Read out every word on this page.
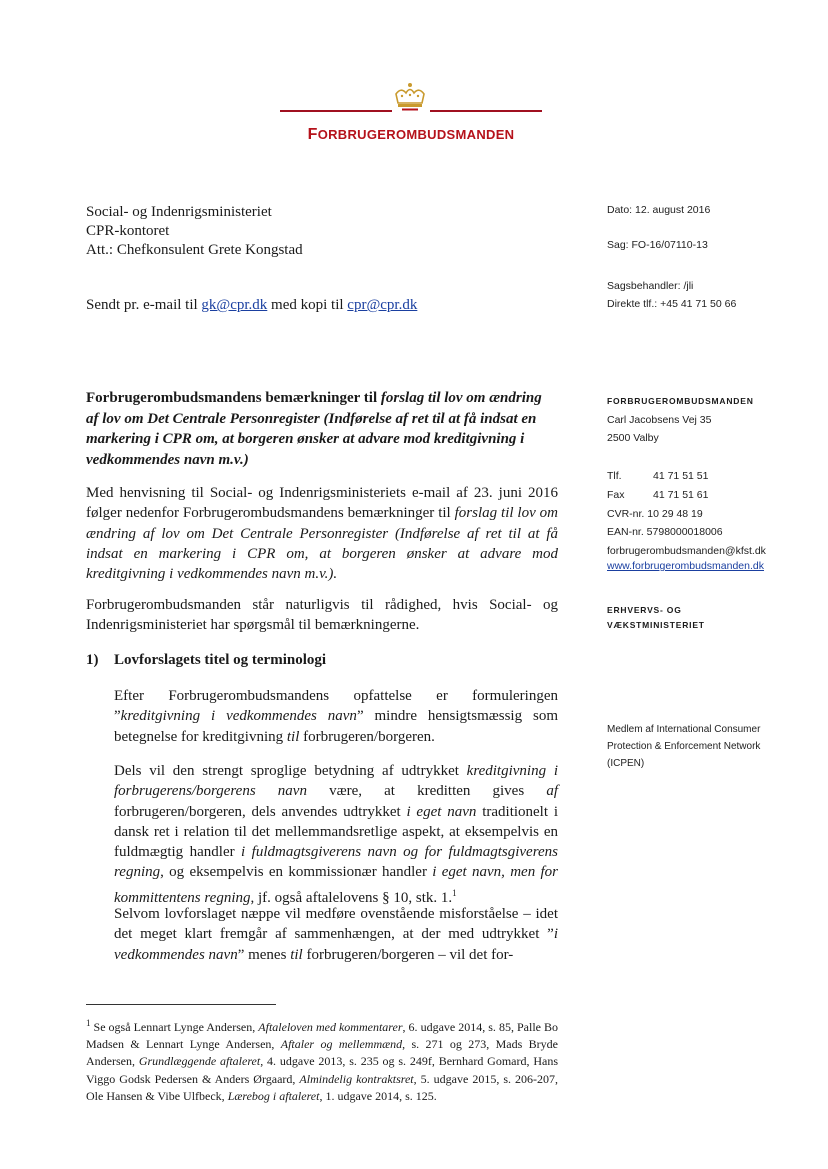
FORBRUGEROMBUDSMANDEN
Social- og Indenrigsministeriet
CPR-kontoret
Att.: Chefkonsulent Grete Kongstad
Sendt pr. e-mail til gk@cpr.dk med kopi til cpr@cpr.dk
Dato: 12. august 2016
Sag: FO-16/07110-13
Sagsbehandler: /jli
Direkte tlf.: +45 41 71 50 66
FORBRUGEROMBUDSMANDEN
Carl Jacobsens Vej 35
2500 Valby
Tlf.	41 71 51 51
Fax	41 71 51 61
CVR-nr. 10 29 48 19
EAN-nr. 5798000018006
forbrugerombudsmanden@kfst.dk
www.forbrugerombudsmanden.dk
ERHVERVS- OG
VÆKSTMINISTERIET
Medlem af International Consumer
Protection & Enforcement Network
(ICPEN)
Forbrugerombudsmandens bemærkninger til forslag til lov om ændring af lov om Det Centrale Personregister (Indførelse af ret til at få indsat en markering i CPR om, at borgeren ønsker at advare mod kreditgivning i vedkommendes navn m.v.)
Med henvisning til Social- og Indenrigsministeriets e-mail af 23. juni 2016 følger nedenfor Forbrugerombudsmandens bemærkninger til forslag til lov om ændring af lov om Det Centrale Personregister (Indførelse af ret til at få indsat en markering i CPR om, at borgeren ønsker at advare mod kreditgivning i vedkommendes navn m.v.).
Forbrugerombudsmanden står naturligvis til rådighed, hvis Social- og Indenrigsministeriet har spørgsmål til bemærkningerne.
1) Lovforslagets titel og terminologi
Efter Forbrugerombudsmandens opfattelse er formuleringen ”kreditgivning i vedkommendes navn” mindre hensigtsmæssig som betegnelse for kreditgivning til forbrugeren/borgeren.
Dels vil den strengt sproglige betydning af udtrykket kreditgivning i forbrugerens/borgerens navn være, at kreditten gives af forbrugeren/borgeren, dels anvendes udtrykket i eget navn traditionelt i dansk ret i relation til det mellemmandsretlige aspekt, at eksempelvis en fuldmægtig handler i fuldmagtsgiverens navn og for fuldmagtsgiverens regning, og eksempelvis en kommissionær handler i eget navn, men for kommittentens regning, jf. også aftalelovens § 10, stk. 1.$^1$
Selvom lovforslaget næppe vil medføre ovenstående misforståelse – idet det meget klart fremgår af sammenhængen, at der med udtrykket ”i vedkommendes navn” menes til forbrugeren/borgeren – vil det for-
$^1$ Se også Lennart Lynge Andersen, Aftaleloven med kommentarer, 6. udgave 2014, s. 85, Palle Bo Madsen & Lennart Lynge Andersen, Aftaler og mellemmænd, s. 271 og 273, Mads Bryde Andersen, Grundlæggende aftaleret, 4. udgave 2013, s. 235 og s. 249f, Bernhard Gomard, Hans Viggo Godsk Pedersen & Anders Ørgaard, Almindelig kontraktsret, 5. udgave 2015, s. 206-207, Ole Hansen & Vibe Ulfbeck, Lærebog i aftaleret, 1. udgave 2014, s. 125.
